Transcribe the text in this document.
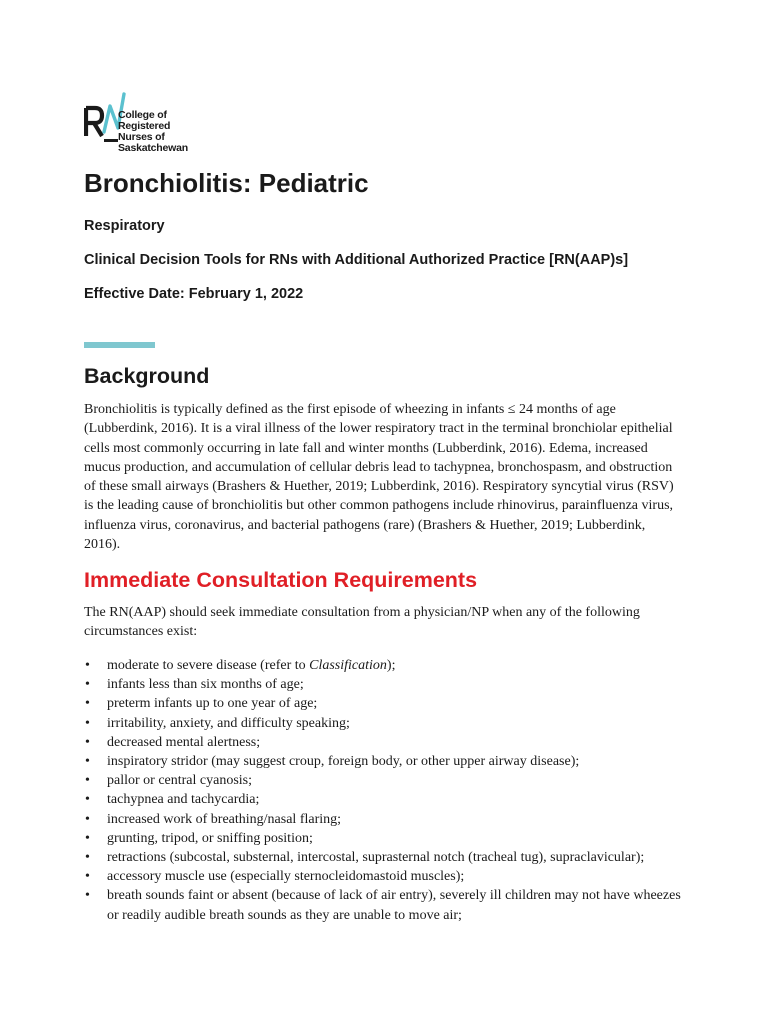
College of
Registered
Nurses of
Saskatchewan
Bronchiolitis: Pediatric

Respiratory

Clinical Decision Tools for RNs with Additional Authorized Practice [RN(AAP)s]

Effective Date: February 1, 2022

Background

Bronchiolitis is typically defined as the first episode of wheezing in infants ≤ 24 months of age (Lubberdink, 2016). It is a viral illness of the lower respiratory tract in the terminal bronchiolar epithelial cells most commonly occurring in late fall and winter months (Lubberdink, 2016). Edema, increased mucus production, and accumulation of cellular debris lead to tachypnea, bronchospasm, and obstruction of these small airways (Brashers & Huether, 2019; Lubberdink, 2016). Respiratory syncytial virus (RSV) is the leading cause of bronchiolitis but other common pathogens include rhinovirus, parainfluenza virus, influenza virus, coronavirus, and bacterial pathogens (rare) (Brashers & Huether, 2019; Lubberdink, 2016).

Immediate Consultation Requirements

The RN(AAP) should seek immediate consultation from a physician/NP when any of the following circumstances exist:

• moderate to severe disease (refer to Classification);
• infants less than six months of age;
• preterm infants up to one year of age;
• irritability, anxiety, and difficulty speaking;
• decreased mental alertness;
• inspiratory stridor (may suggest croup, foreign body, or other upper airway disease);
• pallor or central cyanosis;
• tachypnea and tachycardia;
• increased work of breathing/nasal flaring;
• grunting, tripod, or sniffing position;
• retractions (subcostal, substernal, intercostal, suprasternal notch (tracheal tug), supraclavicular);
• accessory muscle use (especially sternocleidomastoid muscles);
• breath sounds faint or absent (because of lack of air entry), severely ill children may not have wheezes or readily audible breath sounds as they are unable to move air;
